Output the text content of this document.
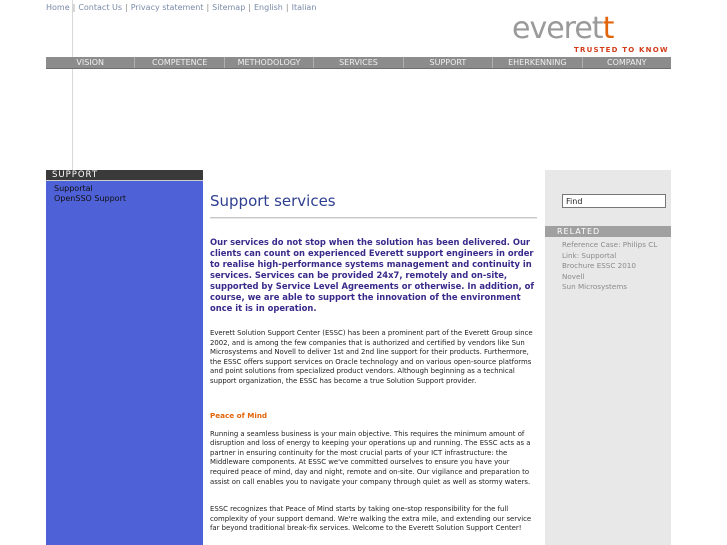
Home | Contact Us | Privacy statement | Sitemap | English | Italian
everett
TRUSTED TO KNOW
VISION	COMPETENCE	METHODOLOGY	SERVICES	SUPPORT	EHERKENNING	COMPANY
SUPPORT
Supportal
OpenSSO Support	Support services
Our services do not stop when the solution has been delivered. Our clients can count on experienced Everett support engineers in order to realise high-performance systems management and continuity in services. Services can be provided 24x7, remotely and on-site, supported by Service Level Agreements or otherwise. In addition, of course, we are able to support the innovation of the environment once it is in operation.

Everett Solution Support Center (ESSC) has been a prominent part of the Everett Group since 2002, and is among the few companies that is authorized and certified by vendors like Sun Microsystems and Novell to deliver 1st and 2nd line support for their products. Furthermore, the ESSC offers support services on Oracle technology and on various open-source platforms and point solutions from specialized product vendors. Although beginning as a technical support organization, the ESSC has become a true Solution Support provider.

Peace of Mind

Running a seamless business is your main objective. This requires the minimum amount of disruption and loss of energy to keeping your operations up and running. The ESSC acts as a partner in ensuring continuity for the most crucial parts of your ICT infrastructure: the Middleware components. At ESSC we've committed ourselves to ensure you have your required peace of mind, day and night, remote and on-site. Our vigilance and preparation to assist on call enables you to navigate your company through quiet as well as stormy waters.

ESSC recognizes that Peace of Mind starts by taking one-stop responsibility for the full complexity of your support demand. We're walking the extra mile, and extending our service far beyond traditional break-fix services. Welcome to the Everett Solution Support Center!

Find
RELATED
Reference Case: Philips CL
Link: Supportal
Brochure ESSC 2010
Novell
Sun Microsystems
